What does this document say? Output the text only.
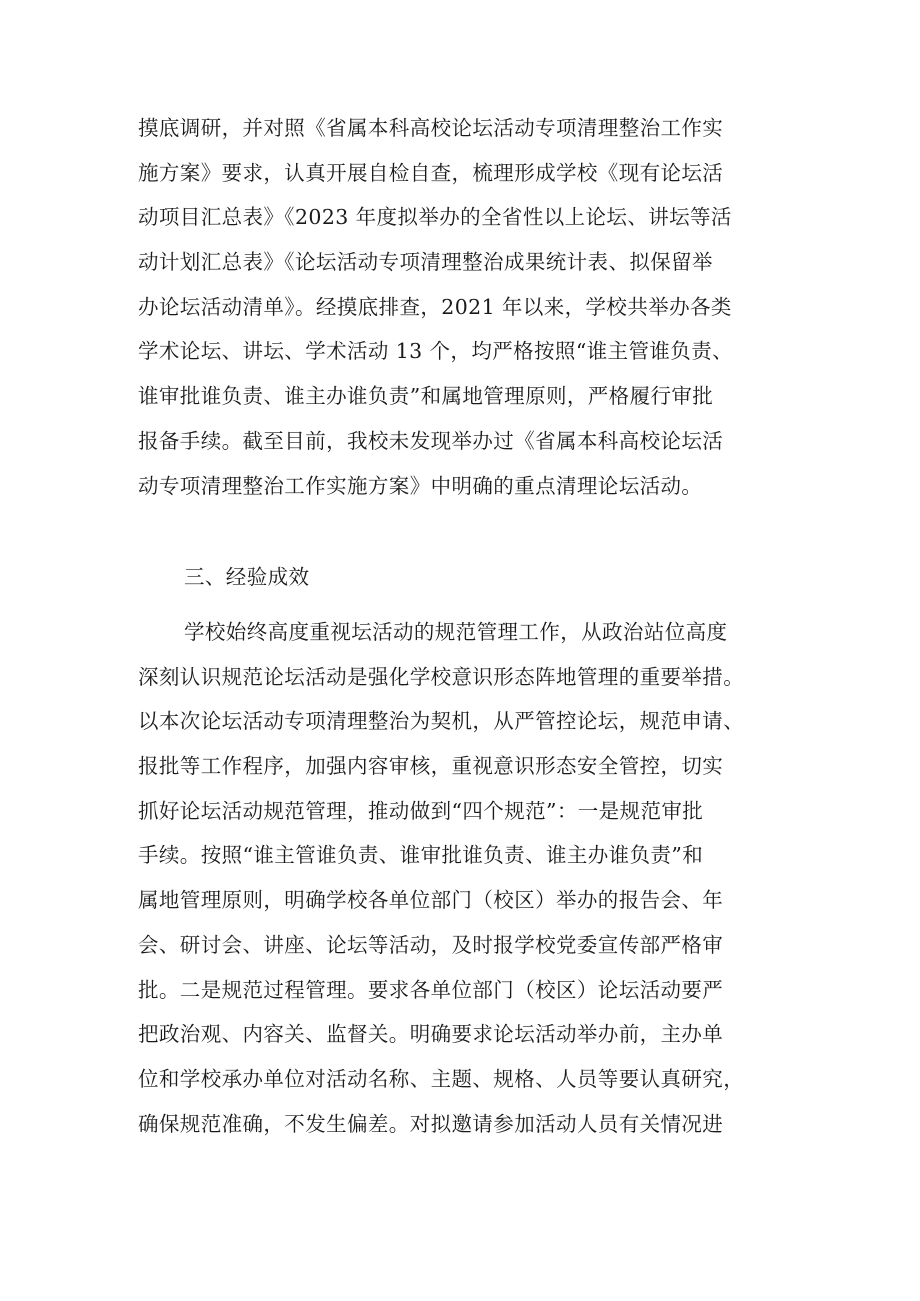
摸底调研，并对照《省属本科高校论坛活动专项清理整治工作实
施方案》要求，认真开展自检自查，梳理形成学校《现有论坛活
动项目汇总表》《2023 年度拟举办的全省性以上论坛、讲坛等活
动计划汇总表》《论坛活动专项清理整治成果统计表、拟保留举
办论坛活动清单》。经摸底排查，2021 年以来，学校共举办各类
学术论坛、讲坛、学术活动 13 个，均严格按照“谁主管谁负责、
谁审批谁负责、谁主办谁负责”和属地管理原则，严格履行审批
报备手续。截至目前，我校未发现举办过《省属本科高校论坛活
动专项清理整治工作实施方案》中明确的重点清理论坛活动。
三、经验成效
学校始终高度重视坛活动的规范管理工作，从政治站位高度
深刻认识规范论坛活动是强化学校意识形态阵地管理的重要举措。
以本次论坛活动专项清理整治为契机，从严管控论坛，规范申请、
报批等工作程序，加强内容审核，重视意识形态安全管控，切实
抓好论坛活动规范管理，推动做到“四个规范”：一是规范审批
手续。按照“谁主管谁负责、谁审批谁负责、谁主办谁负责”和
属地管理原则，明确学校各单位部门（校区）举办的报告会、年
会、研讨会、讲座、论坛等活动，及时报学校党委宣传部严格审
批。二是规范过程管理。要求各单位部门（校区）论坛活动要严
把政治观、内容关、监督关。明确要求论坛活动举办前，主办单
位和学校承办单位对活动名称、主题、规格、人员等要认真研究，
确保规范准确，不发生偏差。对拟邀请参加活动人员有关情况进
